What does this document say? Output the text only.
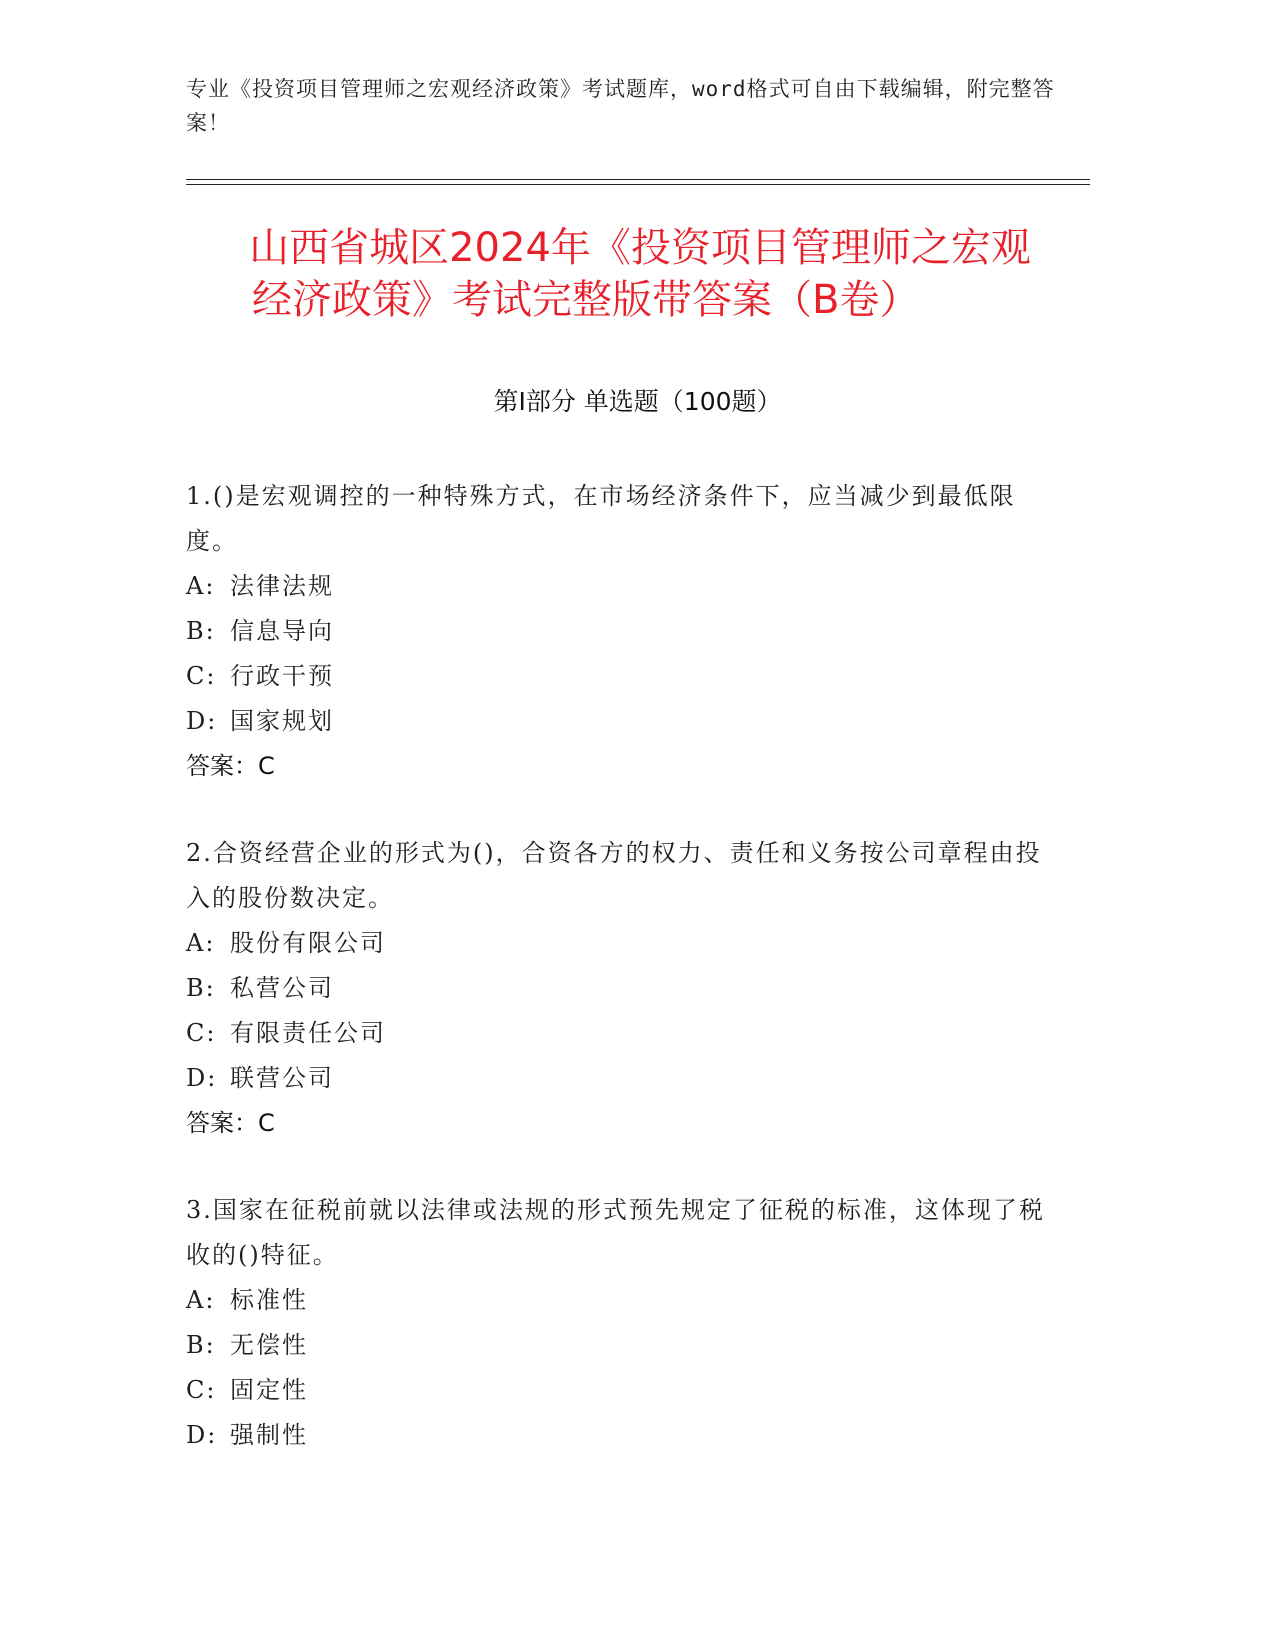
专业《投资项目管理师之宏观经济政策》考试题库，word格式可自由下载编辑，附完整答案！
山西省城区2024年《投资项目管理师之宏观
经济政策》考试完整版带答案（B卷）
第Ⅰ部分 单选题（100题）
1.()是宏观调控的一种特殊方式，在市场经济条件下，应当减少到最低限度。
A: 法律法规
B: 信息导向
C: 行政干预
D: 国家规划
答案：C
2.合资经营企业的形式为()，合资各方的权力、责任和义务按公司章程由投入的股份数决定。
A: 股份有限公司
B: 私营公司
C: 有限责任公司
D: 联营公司
答案：C
3.国家在征税前就以法律或法规的形式预先规定了征税的标准，这体现了税收的()特征。
A: 标准性
B: 无偿性
C: 固定性
D: 强制性
